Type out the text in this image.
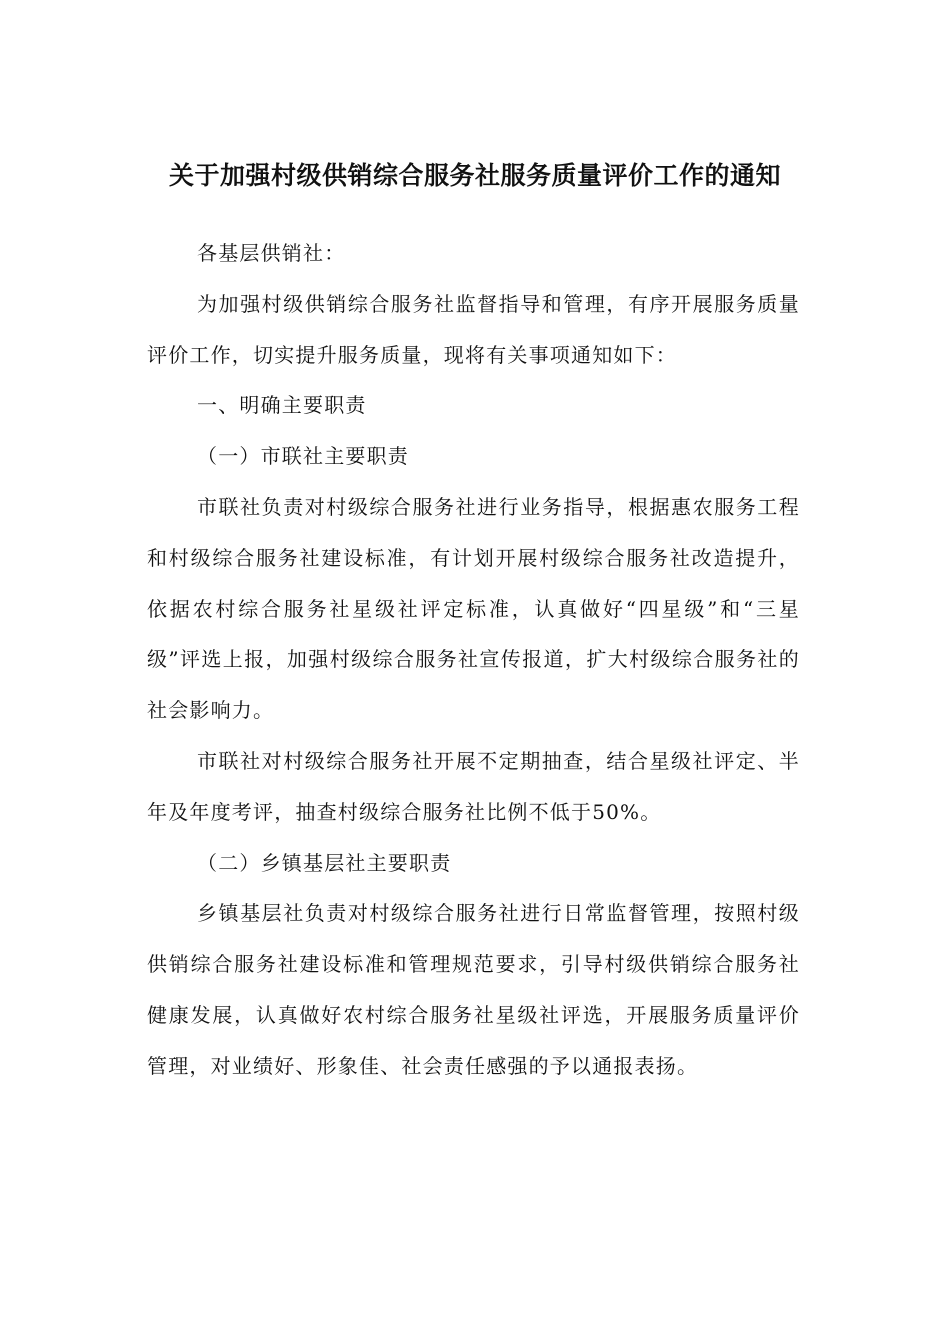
关于加强村级供销综合服务社服务质量评价工作的通知

各基层供销社：

为加强村级供销综合服务社监督指导和管理，有序开展服务质量评价工作，切实提升服务质量，现将有关事项通知如下：

一、明确主要职责

（一）市联社主要职责

市联社负责对村级综合服务社进行业务指导，根据惠农服务工程和村级综合服务社建设标准，有计划开展村级综合服务社改造提升，依据农村综合服务社星级社评定标准，认真做好“四星级”和“三星级”评选上报，加强村级综合服务社宣传报道，扩大村级综合服务社的社会影响力。

市联社对村级综合服务社开展不定期抽查，结合星级社评定、半年及年度考评，抽查村级综合服务社比例不低于50%。

（二）乡镇基层社主要职责

乡镇基层社负责对村级综合服务社进行日常监督管理，按照村级供销综合服务社建设标准和管理规范要求，引导村级供销综合服务社健康发展，认真做好农村综合服务社星级社评选，开展服务质量评价管理，对业绩好、形象佳、社会责任感强的予以通报表扬。
